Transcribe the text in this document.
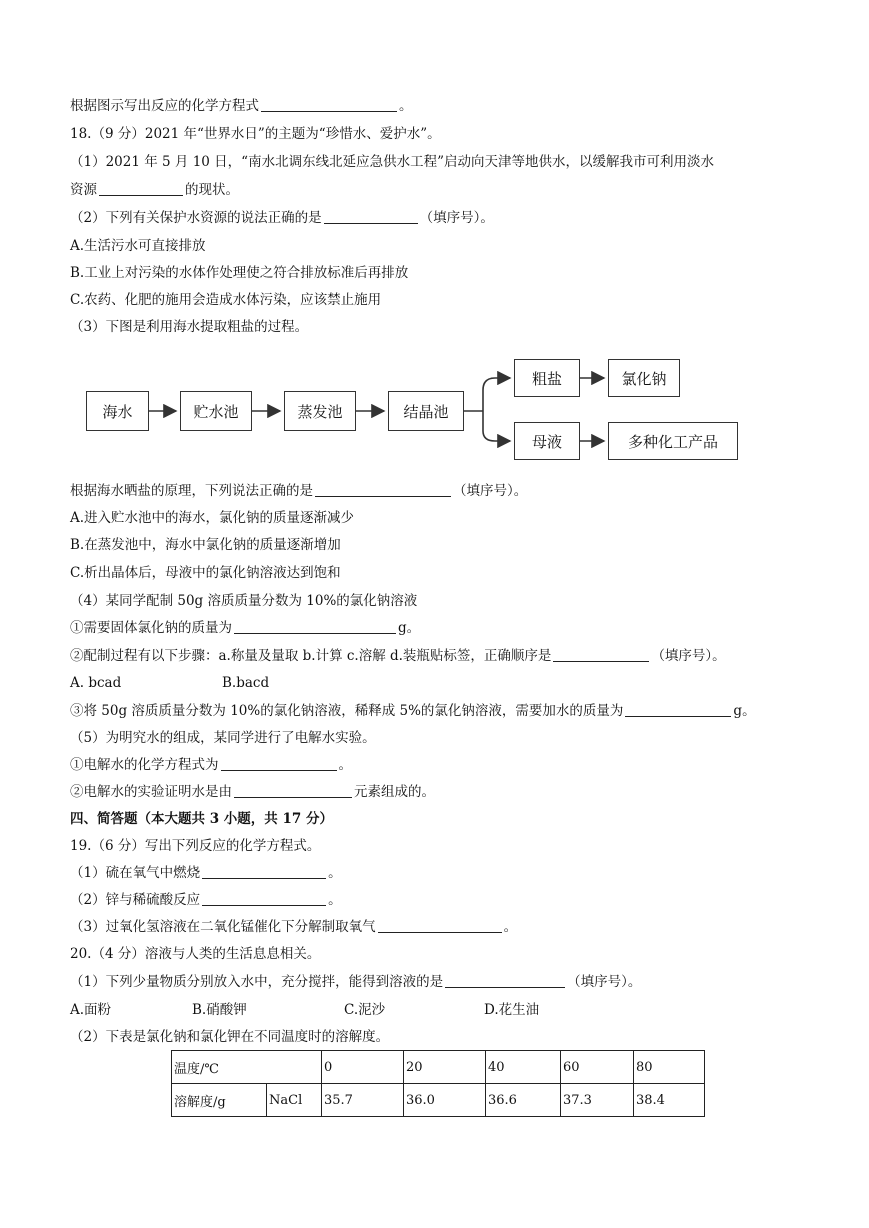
根据图示写出反应的化学方程式	。
18.（9 分）2021 年“世界水日”的主题为“珍惜水、爱护水”。
（1）2021 年 5 月 10 日，“南水北调东线北延应急供水工程”启动向天津等地供水，以缓解我市可利用淡水
资源	的现状。
（2）下列有关保护水资源的说法正确的是	（填序号）。
A.生活污水可直接排放
B.工业上对污染的水体作处理使之符合排放标准后再排放
C.农药、化肥的施用会造成水体污染，应该禁止施用
（3）下图是利用海水提取粗盐的过程。
海水	贮水池	蒸发池	结晶池
粗盐	氯化钠
母液	多种化工产品
根据海水晒盐的原理，下列说法正确的是	（填序号）。
A.进入贮水池中的海水，氯化钠的质量逐渐减少
B.在蒸发池中，海水中氯化钠的质量逐渐增加
C.析出晶体后，母液中的氯化钠溶液达到饱和
（4）某同学配制 50g 溶质质量分数为 10%的氯化钠溶液
①需要固体氯化钠的质量为	g。
②配制过程有以下步骤：a.称量及量取 b.计算 c.溶解 d.装瓶贴标签，正确顺序是	（填序号）。
A. bcad	B.bacd
③将 50g 溶质质量分数为 10%的氯化钠溶液，稀释成 5%的氯化钠溶液，需要加水的质量为	g。
（5）为明究水的组成，某同学进行了电解水实验。
①电解水的化学方程式为	。
②电解水的实验证明水是由	元素组成的。
四、简答题（本大题共 3 小题，共 17 分）
19.（6 分）写出下列反应的化学方程式。
（1）硫在氧气中燃烧	。
（2）锌与稀硫酸反应	。
（3）过氧化氢溶液在二氧化锰催化下分解制取氧气	。
20.（4 分）溶液与人类的生活息息相关。
（1）下列少量物质分别放入水中，充分搅拌，能得到溶液的是	（填序号）。
A.面粉	B.硝酸钾	C.泥沙	D.花生油
（2）下表是氯化钠和氯化钾在不同温度时的溶解度。
温度/℃		0	20	40	60	80
溶解度/g	NaCl	35.7	36.0	36.6	37.3	38.4
